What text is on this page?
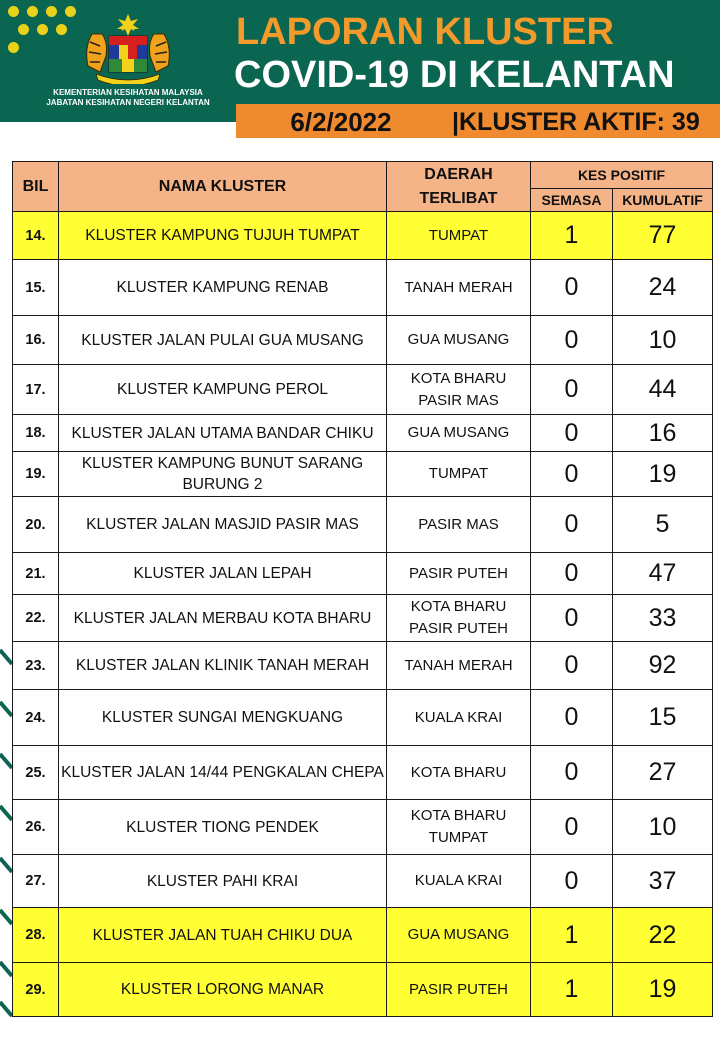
KEMENTERIAN KESIHATAN MALAYSIA
JABATAN KESIHATAN NEGERI KELANTAN
LAPORAN KLUSTER
COVID-19 DI KELANTAN
6/2/2022	|KLUSTER AKTIF: 39
BIL	NAMA KLUSTER	DAERAH
TERLIBAT	KES POSITIF	
			SEMASA	KUMULATIF
14.	KLUSTER KAMPUNG TUJUH TUMPAT	TUMPAT	1	77
15.	KLUSTER KAMPUNG RENAB	TANAH MERAH	0	24
16.	KLUSTER JALAN PULAI GUA MUSANG	GUA MUSANG	0	10
17.	KLUSTER KAMPUNG PEROL	KOTA BHARU
PASIR MAS	0	44
18.	KLUSTER JALAN UTAMA BANDAR CHIKU	GUA MUSANG	0	16
19.	KLUSTER KAMPUNG BUNUT SARANG
BURUNG 2	TUMPAT	0	19
20.	KLUSTER JALAN MASJID PASIR MAS	PASIR MAS	0	5
21.	KLUSTER JALAN LEPAH	PASIR PUTEH	0	47
22.	KLUSTER JALAN MERBAU KOTA BHARU	KOTA BHARU
PASIR PUTEH	0	33
23.	KLUSTER JALAN KLINIK TANAH MERAH	TANAH MERAH	0	92
24.	KLUSTER SUNGAI MENGKUANG	KUALA KRAI	0	15
25.	KLUSTER JALAN 14/44 PENGKALAN CHEPA	KOTA BHARU	0	27
26.	KLUSTER TIONG PENDEK	KOTA BHARU
TUMPAT	0	10
27.	KLUSTER PAHI KRAI	KUALA KRAI	0	37
28.	KLUSTER JALAN TUAH CHIKU DUA	GUA MUSANG	1	22
29.	KLUSTER LORONG MANAR	PASIR PUTEH	1	19
